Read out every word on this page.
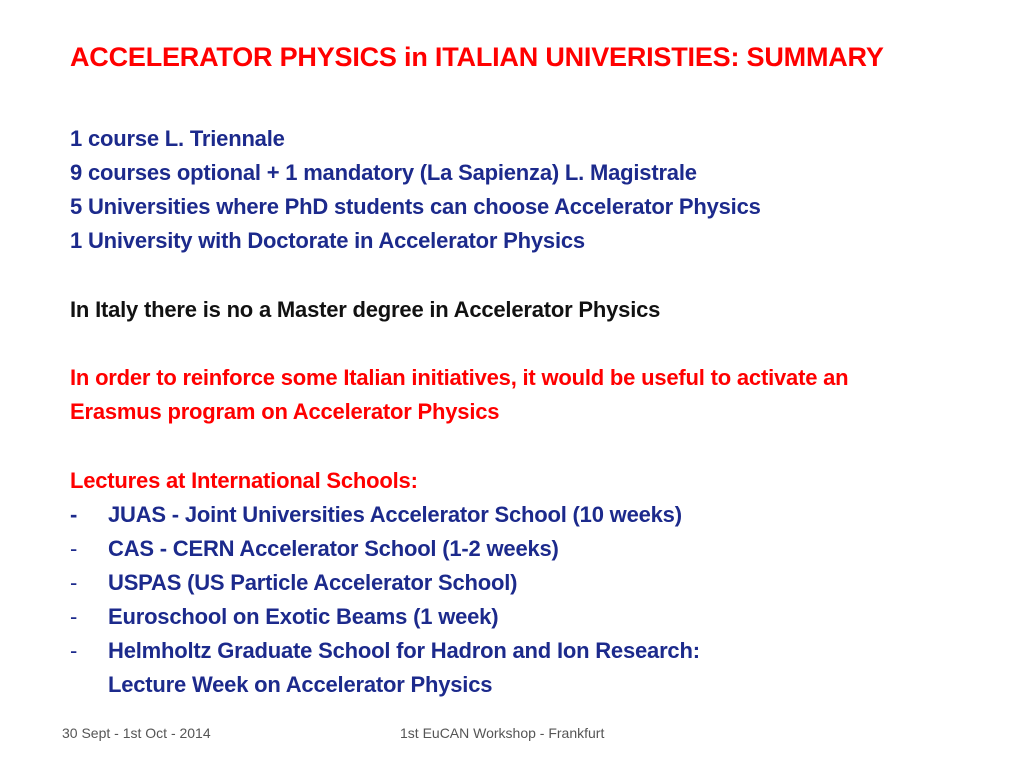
ACCELERATOR PHYSICS in ITALIAN UNIVERISTIES: SUMMARY
1 course L. Triennale
9 courses optional + 1 mandatory (La Sapienza) L. Magistrale
5 Universities where PhD students can choose Accelerator Physics
1 University with Doctorate in Accelerator Physics
In Italy there is no a Master degree in Accelerator Physics
In order to reinforce some Italian initiatives, it would be useful to activate an
Erasmus program on Accelerator Physics
Lectures at International Schools:
- JUAS - Joint Universities Accelerator School (10 weeks)
- CAS - CERN Accelerator School (1-2 weeks)
- USPAS (US Particle Accelerator School)
- Euroschool on Exotic Beams (1 week)
- Helmholtz Graduate School for Hadron and Ion Research:
Lecture Week on Accelerator Physics
30 Sept - 1st Oct - 2014	1st EuCAN Workshop - Frankfurt
